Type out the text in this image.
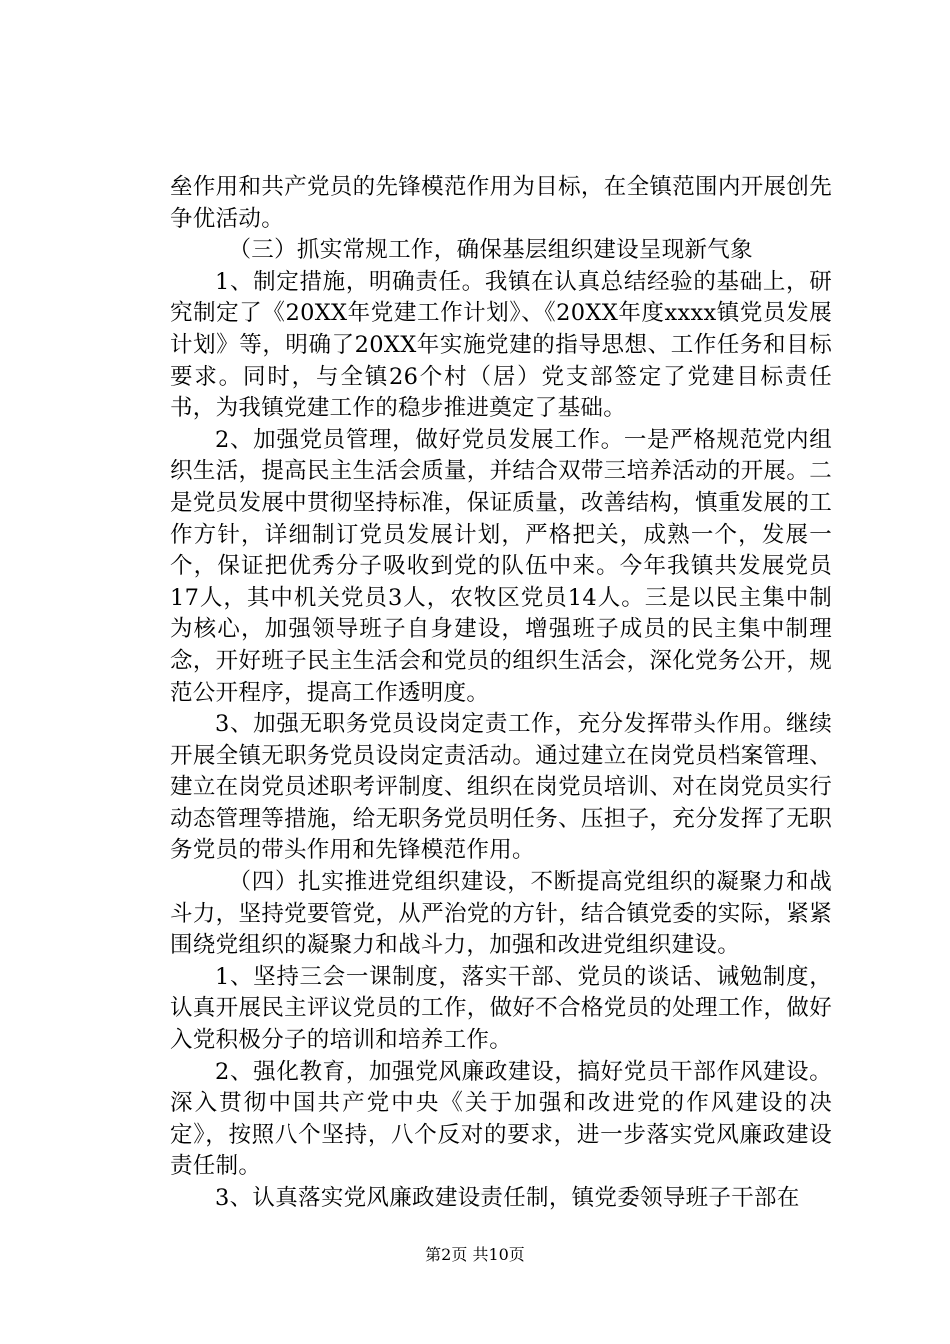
垒作用和共产党员的先锋模范作用为目标，在全镇范围内开展创先争优活动。

（三）抓实常规工作，确保基层组织建设呈现新气象

1、制定措施，明确责任。我镇在认真总结经验的基础上，研究制定了《20XX年党建工作计划》、《20XX年度xxxx镇党员发展计划》等，明确了20XX年实施党建的指导思想、工作任务和目标要求。同时，与全镇26个村（居）党支部签定了党建目标责任书，为我镇党建工作的稳步推进奠定了基础。

2、加强党员管理，做好党员发展工作。一是严格规范党内组织生活，提高民主生活会质量，并结合双带三培养活动的开展。二是党员发展中贯彻坚持标准，保证质量，改善结构，慎重发展的工作方针，详细制订党员发展计划，严格把关，成熟一个，发展一个，保证把优秀分子吸收到党的队伍中来。今年我镇共发展党员17人，其中机关党员3人，农牧区党员14人。三是以民主集中制为核心，加强领导班子自身建设，增强班子成员的民主集中制理念，开好班子民主生活会和党员的组织生活会，深化党务公开，规范公开程序，提高工作透明度。

3、加强无职务党员设岗定责工作，充分发挥带头作用。继续开展全镇无职务党员设岗定责活动。通过建立在岗党员档案管理、建立在岗党员述职考评制度、组织在岗党员培训、对在岗党员实行动态管理等措施，给无职务党员明任务、压担子，充分发挥了无职务党员的带头作用和先锋模范作用。

（四）扎实推进党组织建设，不断提高党组织的凝聚力和战斗力，坚持党要管党，从严治党的方针，结合镇党委的实际，紧紧围绕党组织的凝聚力和战斗力，加强和改进党组织建设。

1、坚持三会一课制度，落实干部、党员的谈话、诫勉制度，认真开展民主评议党员的工作，做好不合格党员的处理工作，做好入党积极分子的培训和培养工作。

2、强化教育，加强党风廉政建设，搞好党员干部作风建设。深入贯彻中国共产党中央《关于加强和改进党的作风建设的决定》，按照八个坚持，八个反对的要求，进一步落实党风廉政建设责任制。

3、认真落实党风廉政建设责任制，镇党委领导班子干部在

第2页 共10页
